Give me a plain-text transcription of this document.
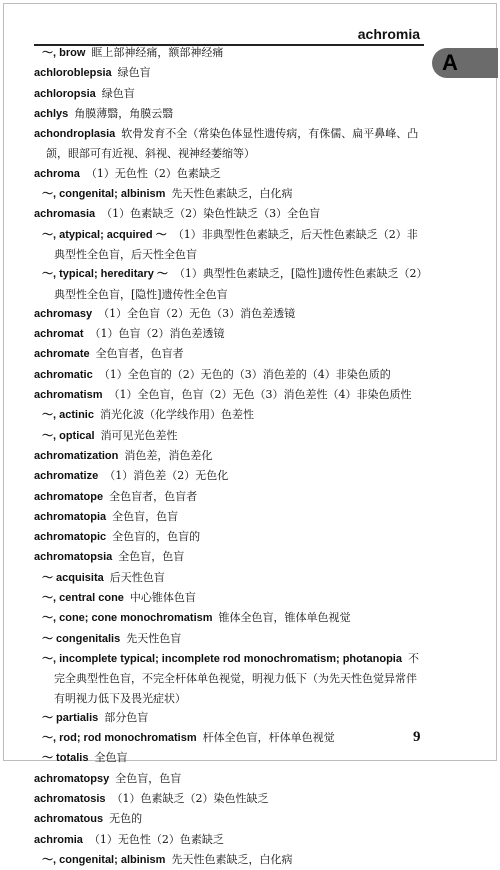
achromia
A

～, brow 眶上部神经痛，额部神经痛

achloroblepsia 绿色盲

achloropsia 绿色盲

achlys 角膜薄翳，角膜云翳

achondroplasia 软骨发育不全（常染色体显性遗传病，有侏儒、扁平鼻峰、凸颌，眼部可有近视、斜视、视神经萎缩等）

achroma （1）无色性（2）色素缺乏

～, congenital; albinism 先天性色素缺乏，白化病

achromasia （1）色素缺乏（2）染色性缺乏（3）全色盲

～, atypical; acquired ～ （1）非典型性色素缺乏，后天性色素缺乏（2）非典型性全色盲，后天性全色盲

～, typical; hereditary ～ （1）典型性色素缺乏，[隐性]遗传性色素缺乏（2）典型性全色盲，[隐性]遗传性全色盲

achromasy （1）全色盲（2）无色（3）消色差透镜

achromat （1）色盲（2）消色差透镜

achromate 全色盲者，色盲者

achromatic （1）全色盲的（2）无色的（3）消色差的（4）非染色质的

achromatism （1）全色盲，色盲（2）无色（3）消色差性（4）非染色质性

～, actinic 消光化波（化学线作用）色差性

～, optical 消可见光色差性

achromatization 消色差，消色差化

achromatize （1）消色差（2）无色化

achromatope 全色盲者，色盲者

achromatopia 全色盲，色盲

achromatopic 全色盲的，色盲的

achromatopsia 全色盲，色盲

～ acquisita 后天性色盲

～, central cone 中心锥体色盲

～, cone; cone monochromatism 锥体全色盲，锥体单色视觉

～ congenitalis 先天性色盲

～, incomplete typical; incomplete rod monochromatism; photanopia 不完全典型性色盲，不完全杆体单色视觉，明视力低下（为先天性色觉异常伴有明视力低下及畏光症状）

～ partialis 部分色盲

～, rod; rod monochromatism 杆体全色盲，杆体单色视觉

～ totalis 全色盲

achromatopsy 全色盲，色盲

achromatosis （1）色素缺乏（2）染色性缺乏

achromatous 无色的

achromia （1）无色性（2）色素缺乏

～, congenital; albinism 先天性色素缺乏，白化病

9
